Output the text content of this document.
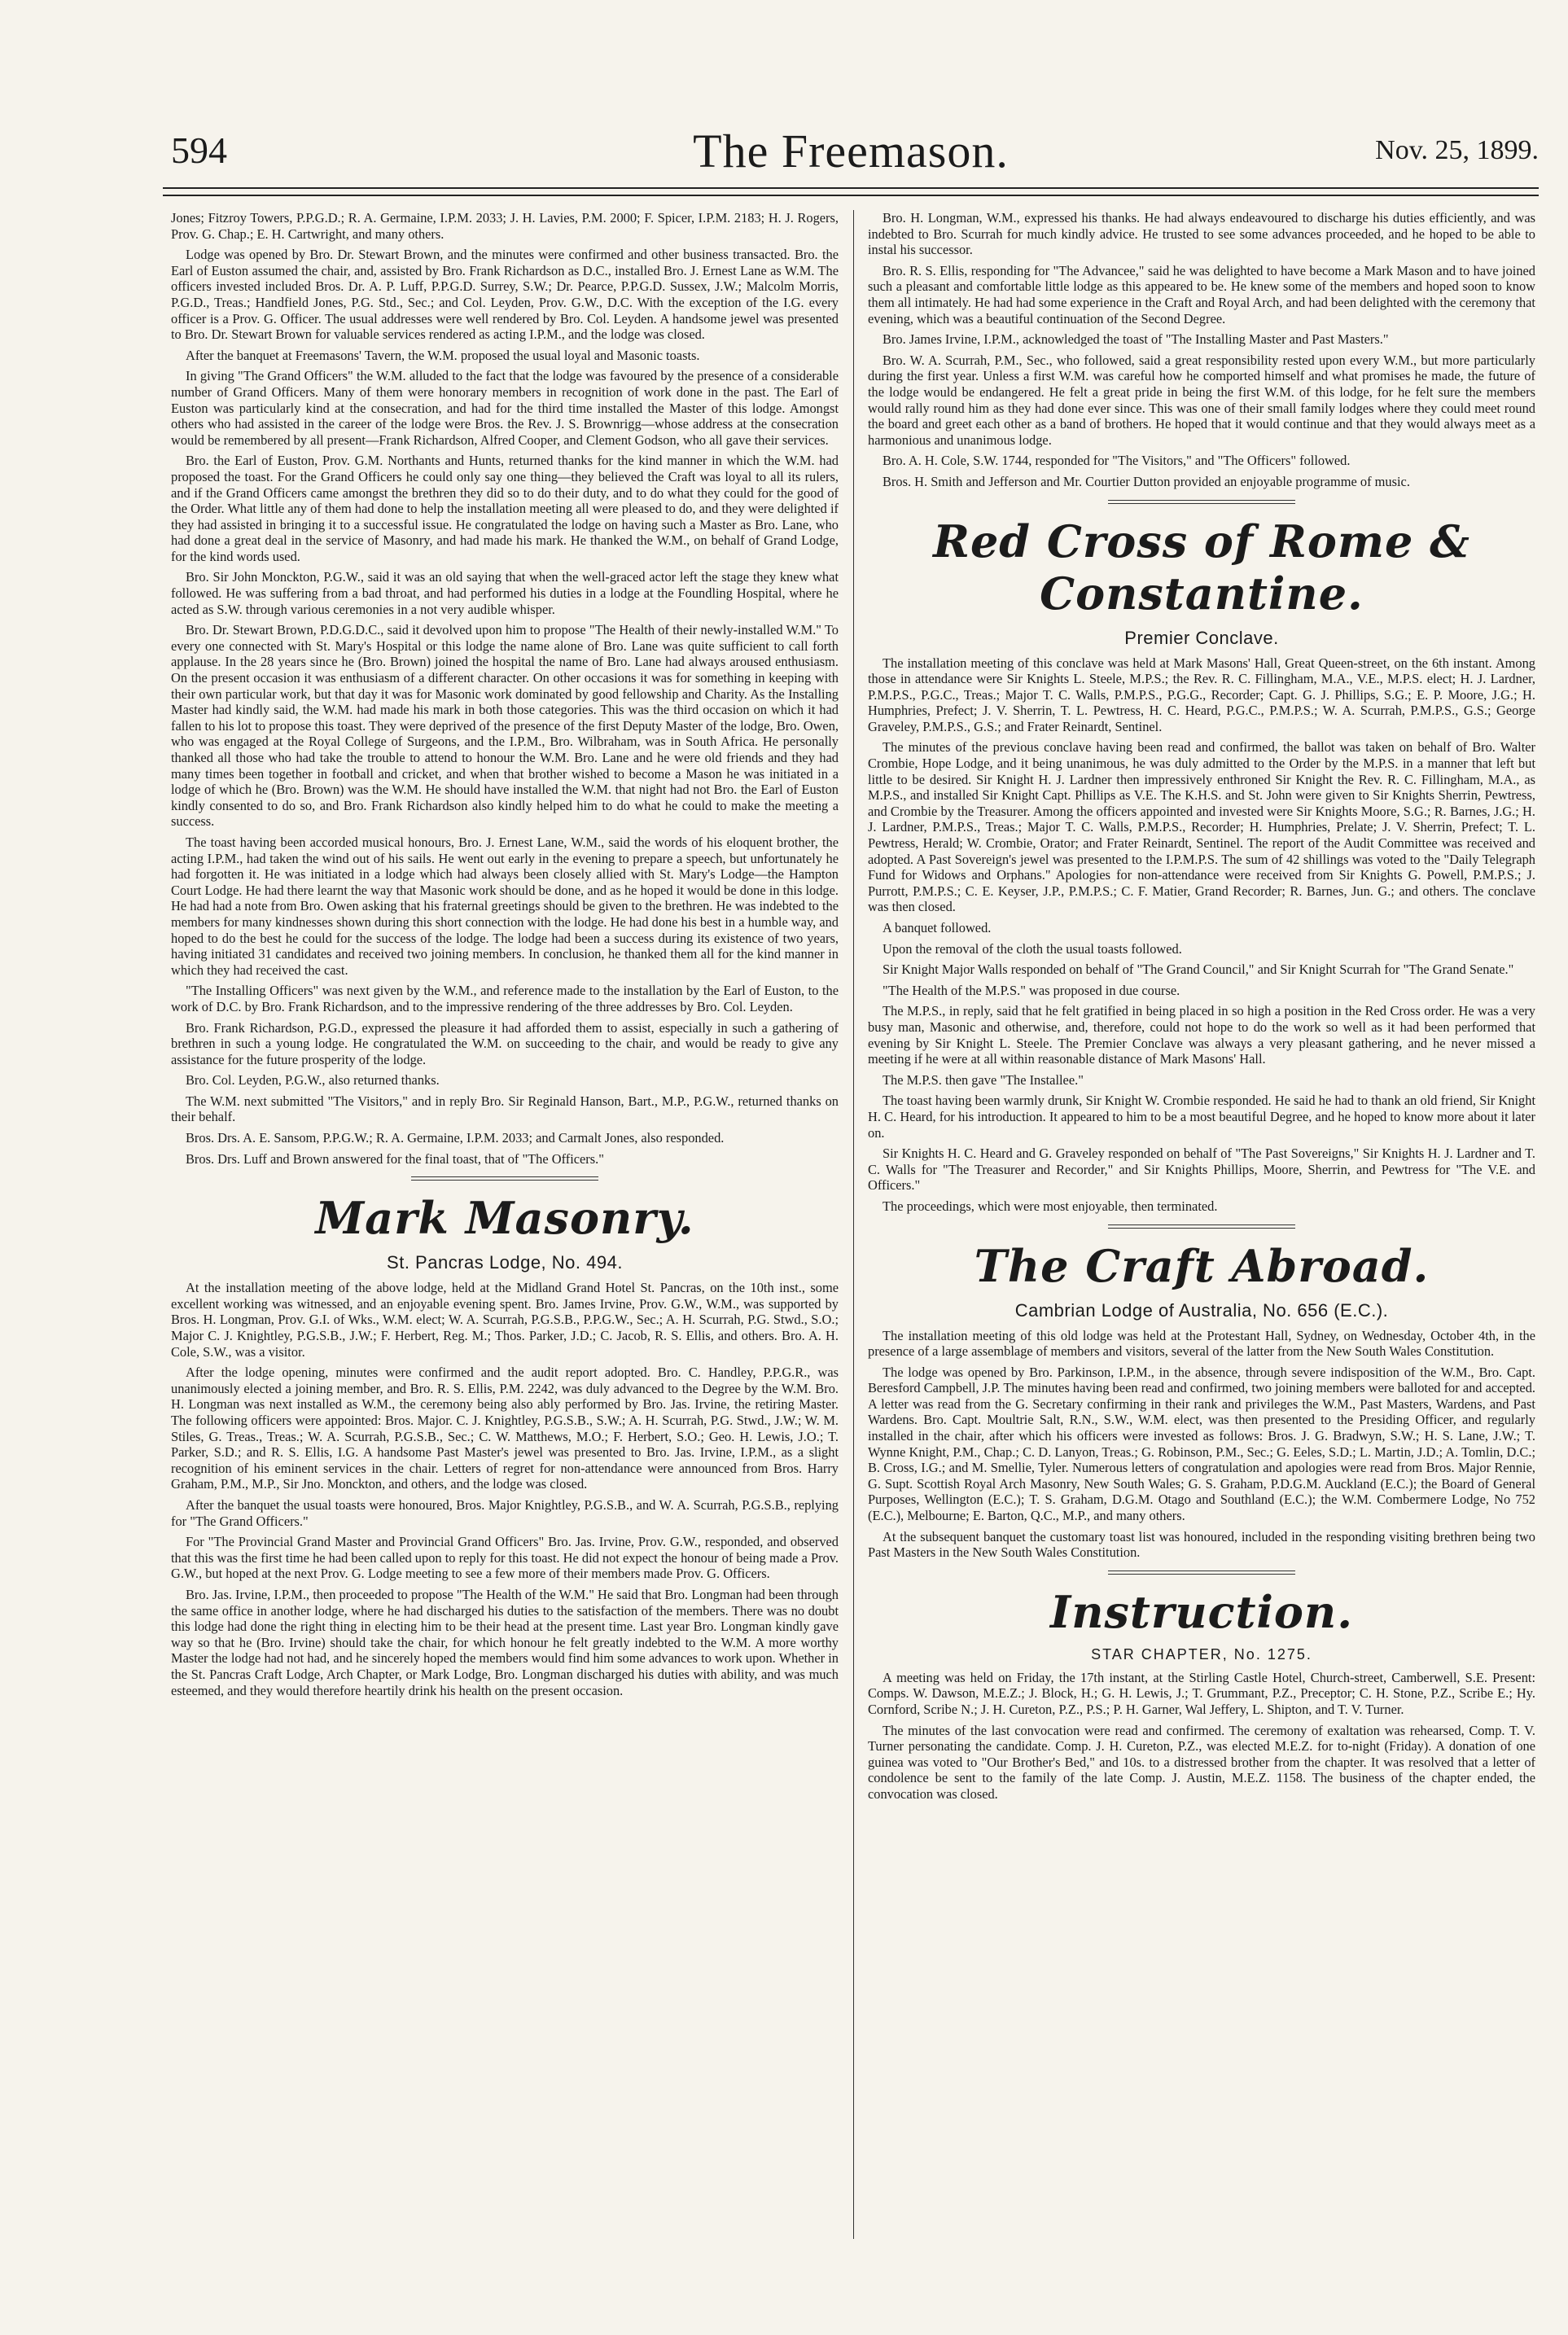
594	The Freemason.	Nov. 25, 1899.

Jones; Fitzroy Towers, P.P.G.D.; R. A. Germaine, I.P.M. 2033; J. H. Lavies, P.M. 2000; F. Spicer, I.P.M. 2183; H. J. Rogers, Prov. G. Chap.; E. H. Cartwright, and many others.

Lodge was opened by Bro. Dr. Stewart Brown, and the minutes were confirmed and other business transacted. Bro. the Earl of Euston assumed the chair, and, assisted by Bro. Frank Richardson as D.C., installed Bro. J. Ernest Lane as W.M. The officers invested included Bros. Dr. A. P. Luff, P.P.G.D. Surrey, S.W.; Dr. Pearce, P.P.G.D. Sussex, J.W.; Malcolm Morris, P.G.D., Treas.; Handfield Jones, P.G. Std., Sec.; and Col. Leyden, Prov. G.W., D.C. With the exception of the I.G. every officer is a Prov. G. Officer. The usual addresses were well rendered by Bro. Col. Leyden. A handsome jewel was presented to Bro. Dr. Stewart Brown for valuable services rendered as acting I.P.M., and the lodge was closed.

After the banquet at Freemasons' Tavern, the W.M. proposed the usual loyal and Masonic toasts.

In giving "The Grand Officers" the W.M. alluded to the fact that the lodge was favoured by the presence of a considerable number of Grand Officers. Many of them were honorary members in recognition of work done in the past. The Earl of Euston was particularly kind at the consecration, and had for the third time installed the Master of this lodge. Amongst others who had assisted in the career of the lodge were Bros. the Rev. J. S. Brownrigg—whose address at the consecration would be remembered by all present—Frank Richardson, Alfred Cooper, and Clement Godson, who all gave their services.

Bro. the Earl of Euston, Prov. G.M. Northants and Hunts, returned thanks for the kind manner in which the W.M. had proposed the toast. For the Grand Officers he could only say one thing—they believed the Craft was loyal to all its rulers, and if the Grand Officers came amongst the brethren they did so to do their duty, and to do what they could for the good of the Order. What little any of them had done to help the installation meeting all were pleased to do, and they were delighted if they had assisted in bringing it to a successful issue. He congratulated the lodge on having such a Master as Bro. Lane, who had done a great deal in the service of Masonry, and had made his mark. He thanked the W.M., on behalf of Grand Lodge, for the kind words used.

Bro. Sir John Monckton, P.G.W., said it was an old saying that when the well-graced actor left the stage they knew what followed. He was suffering from a bad throat, and had performed his duties in a lodge at the Foundling Hospital, where he acted as S.W. through various ceremonies in a not very audible whisper.

Bro. Dr. Stewart Brown, P.D.G.D.C., said it devolved upon him to propose "The Health of their newly-installed W.M." To every one connected with St. Mary's Hospital or this lodge the name alone of Bro. Lane was quite sufficient to call forth applause. In the 28 years since he (Bro. Brown) joined the hospital the name of Bro. Lane had always aroused enthusiasm. On the present occasion it was enthusiasm of a different character. On other occasions it was for something in keeping with their own particular work, but that day it was for Masonic work dominated by good fellowship and Charity. As the Installing Master had kindly said, the W.M. had made his mark in both those categories. This was the third occasion on which it had fallen to his lot to propose this toast. They were deprived of the presence of the first Deputy Master of the lodge, Bro. Owen, who was engaged at the Royal College of Surgeons, and the I.P.M., Bro. Wilbraham, was in South Africa. He personally thanked all those who had take the trouble to attend to honour the W.M. Bro. Lane and he were old friends and they had many times been together in football and cricket, and when that brother wished to become a Mason he was initiated in a lodge of which he (Bro. Brown) was the W.M. He should have installed the W.M. that night had not Bro. the Earl of Euston kindly consented to do so, and Bro. Frank Richardson also kindly helped him to do what he could to make the meeting a success.

The toast having been accorded musical honours, Bro. J. Ernest Lane, W.M., said the words of his eloquent brother, the acting I.P.M., had taken the wind out of his sails. He went out early in the evening to prepare a speech, but unfortunately he had forgotten it. He was initiated in a lodge which had always been closely allied with St. Mary's Lodge—the Hampton Court Lodge. He had there learnt the way that Masonic work should be done, and as he hoped it would be done in this lodge. He had had a note from Bro. Owen asking that his fraternal greetings should be given to the brethren. He was indebted to the members for many kindnesses shown during this short connection with the lodge. He had done his best in a humble way, and hoped to do the best he could for the success of the lodge. The lodge had been a success during its existence of two years, having initiated 31 candidates and received two joining members. In conclusion, he thanked them all for the kind manner in which they had received the cast.

"The Installing Officers" was next given by the W.M., and reference made to the installation by the Earl of Euston, to the work of D.C. by Bro. Frank Richardson, and to the impressive rendering of the three addresses by Bro. Col. Leyden.

Bro. Frank Richardson, P.G.D., expressed the pleasure it had afforded them to assist, especially in such a gathering of brethren in such a young lodge. He congratulated the W.M. on succeeding to the chair, and would be ready to give any assistance for the future prosperity of the lodge.

Bro. Col. Leyden, P.G.W., also returned thanks.

The W.M. next submitted "The Visitors," and in reply Bro. Sir Reginald Hanson, Bart., M.P., P.G.W., returned thanks on their behalf.

Bros. Drs. A. E. Sansom, P.P.G.W.; R. A. Germaine, I.P.M. 2033; and Carmalt Jones, also responded.

Bros. Drs. Luff and Brown answered for the final toast, that of "The Officers."

Mark Masonry.
St. Pancras Lodge, No. 494.

At the installation meeting of the above lodge, held at the Midland Grand Hotel St. Pancras, on the 10th inst., some excellent working was witnessed, and an enjoyable evening spent. Bro. James Irvine, Prov. G.W., W.M., was supported by Bros. H. Longman, Prov. G.I. of Wks., W.M. elect; W. A. Scurrah, P.G.S.B., P.P.G.W., Sec.; A. H. Scurrah, P.G. Stwd., S.O.; Major C. J. Knightley, P.G.S.B., J.W.; F. Herbert, Reg. M.; Thos. Parker, J.D.; C. Jacob, R. S. Ellis, and others. Bro. A. H. Cole, S.W., was a visitor.

After the lodge opening, minutes were confirmed and the audit report adopted. Bro. C. Handley, P.P.G.R., was unanimously elected a joining member, and Bro. R. S. Ellis, P.M. 2242, was duly advanced to the Degree by the W.M. Bro. H. Longman was next installed as W.M., the ceremony being also ably performed by Bro. Jas. Irvine, the retiring Master. The following officers were appointed: Bros. Major. C. J. Knightley, P.G.S.B., S.W.; A. H. Scurrah, P.G. Stwd., J.W.; W. M. Stiles, G. Treas., Treas.; W. A. Scurrah, P.G.S.B., Sec.; C. W. Matthews, M.O.; F. Herbert, S.O.; Geo. H. Lewis, J.O.; T. Parker, S.D.; and R. S. Ellis, I.G. A handsome Past Master's jewel was presented to Bro. Jas. Irvine, I.P.M., as a slight recognition of his eminent services in the chair. Letters of regret for non-attendance were announced from Bros. Harry Graham, P.M., M.P., Sir Jno. Monckton, and others, and the lodge was closed.

After the banquet the usual toasts were honoured, Bros. Major Knightley, P.G.S.B., and W. A. Scurrah, P.G.S.B., replying for "The Grand Officers."

For "The Provincial Grand Master and Provincial Grand Officers" Bro. Jas. Irvine, Prov. G.W., responded, and observed that this was the first time he had been called upon to reply for this toast. He did not expect the honour of being made a Prov. G.W., but hoped at the next Prov. G. Lodge meeting to see a few more of their members made Prov. G. Officers.

Bro. Jas. Irvine, I.P.M., then proceeded to propose "The Health of the W.M." He said that Bro. Longman had been through the same office in another lodge, where he had discharged his duties to the satisfaction of the members. There was no doubt this lodge had done the right thing in electing him to be their head at the present time. Last year Bro. Longman kindly gave way so that he (Bro. Irvine) should take the chair, for which honour he felt greatly indebted to the W.M. A more worthy Master the lodge had not had, and he sincerely hoped the members would find him some advances to work upon. Whether in the St. Pancras Craft Lodge, Arch Chapter, or Mark Lodge, Bro. Longman discharged his duties with ability, and was much esteemed, and they would therefore heartily drink his health on the present occasion.

Bro. H. Longman, W.M., expressed his thanks. He had always endeavoured to discharge his duties efficiently, and was indebted to Bro. Scurrah for much kindly advice. He trusted to see some advances proceeded, and he hoped to be able to instal his successor.

Bro. R. S. Ellis, responding for "The Advancee," said he was delighted to have become a Mark Mason and to have joined such a pleasant and comfortable little lodge as this appeared to be. He knew some of the members and hoped soon to know them all intimately. He had had some experience in the Craft and Royal Arch, and had been delighted with the ceremony that evening, which was a beautiful continuation of the Second Degree.

Bro. James Irvine, I.P.M., acknowledged the toast of "The Installing Master and Past Masters."

Bro. W. A. Scurrah, P.M., Sec., who followed, said a great responsibility rested upon every W.M., but more particularly during the first year. Unless a first W.M. was careful how he comported himself and what promises he made, the future of the lodge would be endangered. He felt a great pride in being the first W.M. of this lodge, for he felt sure the members would rally round him as they had done ever since. This was one of their small family lodges where they could meet round the board and greet each other as a band of brothers. He hoped that it would continue and that they would always meet as a harmonious and unanimous lodge.

Bro. A. H. Cole, S.W. 1744, responded for "The Visitors," and "The Officers" followed.

Bros. H. Smith and Jefferson and Mr. Courtier Dutton provided an enjoyable programme of music.

Red Cross of Rome & Constantine.
Premier Conclave.

The installation meeting of this conclave was held at Mark Masons' Hall, Great Queen-street, on the 6th instant. Among those in attendance were Sir Knights L. Steele, M.P.S.; the Rev. R. C. Fillingham, M.A., V.E., M.P.S. elect; H. J. Lardner, P.M.P.S., P.G.C., Treas.; Major T. C. Walls, P.M.P.S., P.G.G., Recorder; Capt. G. J. Phillips, S.G.; E. P. Moore, J.G.; H. Humphries, Prefect; J. V. Sherrin, T. L. Pewtress, H. C. Heard, P.G.C., P.M.P.S.; W. A. Scurrah, P.M.P.S., G.S.; George Graveley, P.M.P.S., G.S.; and Frater Reinardt, Sentinel.

The minutes of the previous conclave having been read and confirmed, the ballot was taken on behalf of Bro. Walter Crombie, Hope Lodge, and it being unanimous, he was duly admitted to the Order by the M.P.S. in a manner that left but little to be desired. Sir Knight H. J. Lardner then impressively enthroned Sir Knight the Rev. R. C. Fillingham, M.A., as M.P.S., and installed Sir Knight Capt. Phillips as V.E. The K.H.S. and St. John were given to Sir Knights Sherrin, Pewtress, and Crombie by the Treasurer. Among the officers appointed and invested were Sir Knights Moore, S.G.; R. Barnes, J.G.; H. J. Lardner, P.M.P.S., Treas.; Major T. C. Walls, P.M.P.S., Recorder; H. Humphries, Prelate; J. V. Sherrin, Prefect; T. L. Pewtress, Herald; W. Crombie, Orator; and Frater Reinardt, Sentinel. The report of the Audit Committee was received and adopted. A Past Sovereign's jewel was presented to the I.P.M.P.S. The sum of 42 shillings was voted to the "Daily Telegraph Fund for Widows and Orphans." Apologies for non-attendance were received from Sir Knights G. Powell, P.M.P.S.; J. Purrott, P.M.P.S.; C. E. Keyser, J.P., P.M.P.S.; C. F. Matier, Grand Recorder; R. Barnes, Jun. G.; and others. The conclave was then closed.

A banquet followed.

Upon the removal of the cloth the usual toasts followed.

Sir Knight Major Walls responded on behalf of "The Grand Council," and Sir Knight Scurrah for "The Grand Senate."

"The Health of the M.P.S." was proposed in due course.

The M.P.S., in reply, said that he felt gratified in being placed in so high a position in the Red Cross order. He was a very busy man, Masonic and otherwise, and, therefore, could not hope to do the work so well as it had been performed that evening by Sir Knight L. Steele. The Premier Conclave was always a very pleasant gathering, and he never missed a meeting if he were at all within reasonable distance of Mark Masons' Hall.

The M.P.S. then gave "The Installee."

The toast having been warmly drunk, Sir Knight W. Crombie responded. He said he had to thank an old friend, Sir Knight H. C. Heard, for his introduction. It appeared to him to be a most beautiful Degree, and he hoped to know more about it later on.

Sir Knights H. C. Heard and G. Graveley responded on behalf of "The Past Sovereigns," Sir Knights H. J. Lardner and T. C. Walls for "The Treasurer and Recorder," and Sir Knights Phillips, Moore, Sherrin, and Pewtress for "The V.E. and Officers."

The proceedings, which were most enjoyable, then terminated.

The Craft Abroad.
Cambrian Lodge of Australia, No. 656 (E.C.).

The installation meeting of this old lodge was held at the Protestant Hall, Sydney, on Wednesday, October 4th, in the presence of a large assemblage of members and visitors, several of the latter from the New South Wales Constitution.

The lodge was opened by Bro. Parkinson, I.P.M., in the absence, through severe indisposition of the W.M., Bro. Capt. Beresford Campbell, J.P. The minutes having been read and confirmed, two joining members were balloted for and accepted. A letter was read from the G. Secretary confirming in their rank and privileges the W.M., Past Masters, Wardens, and Past Wardens. Bro. Capt. Moultrie Salt, R.N., S.W., W.M. elect, was then presented to the Presiding Officer, and regularly installed in the chair, after which his officers were invested as follows: Bros. J. G. Bradwyn, S.W.; H. S. Lane, J.W.; T. Wynne Knight, P.M., Chap.; C. D. Lanyon, Treas.; G. Robinson, P.M., Sec.; G. Eeles, S.D.; L. Martin, J.D.; A. Tomlin, D.C.; B. Cross, I.G.; and M. Smellie, Tyler. Numerous letters of congratulation and apologies were read from Bros. Major Rennie, G. Supt. Scottish Royal Arch Masonry, New South Wales; G. S. Graham, P.D.G.M. Auckland (E.C.); the Board of General Purposes, Wellington (E.C.); T. S. Graham, D.G.M. Otago and Southland (E.C.); the W.M. Combermere Lodge, No 752 (E.C.), Melbourne; E. Barton, Q.C., M.P., and many others.

At the subsequent banquet the customary toast list was honoured, included in the responding visiting brethren being two Past Masters in the New South Wales Constitution.

Instruction.
STAR CHAPTER, No. 1275.

A meeting was held on Friday, the 17th instant, at the Stirling Castle Hotel, Church-street, Camberwell, S.E. Present: Comps. W. Dawson, M.E.Z.; J. Block, H.; G. H. Lewis, J.; T. Grummant, P.Z., Preceptor; C. H. Stone, P.Z., Scribe E.; Hy. Cornford, Scribe N.; J. H. Cureton, P.Z., P.S.; P. H. Garner, Wal Jeffery, L. Shipton, and T. V. Turner.

The minutes of the last convocation were read and confirmed. The ceremony of exaltation was rehearsed, Comp. T. V. Turner personating the candidate. Comp. J. H. Cureton, P.Z., was elected M.E.Z. for to-night (Friday). A donation of one guinea was voted to "Our Brother's Bed," and 10s. to a distressed brother from the chapter. It was resolved that a letter of condolence be sent to the family of the late Comp. J. Austin, M.E.Z. 1158. The business of the chapter ended, the convocation was closed.
